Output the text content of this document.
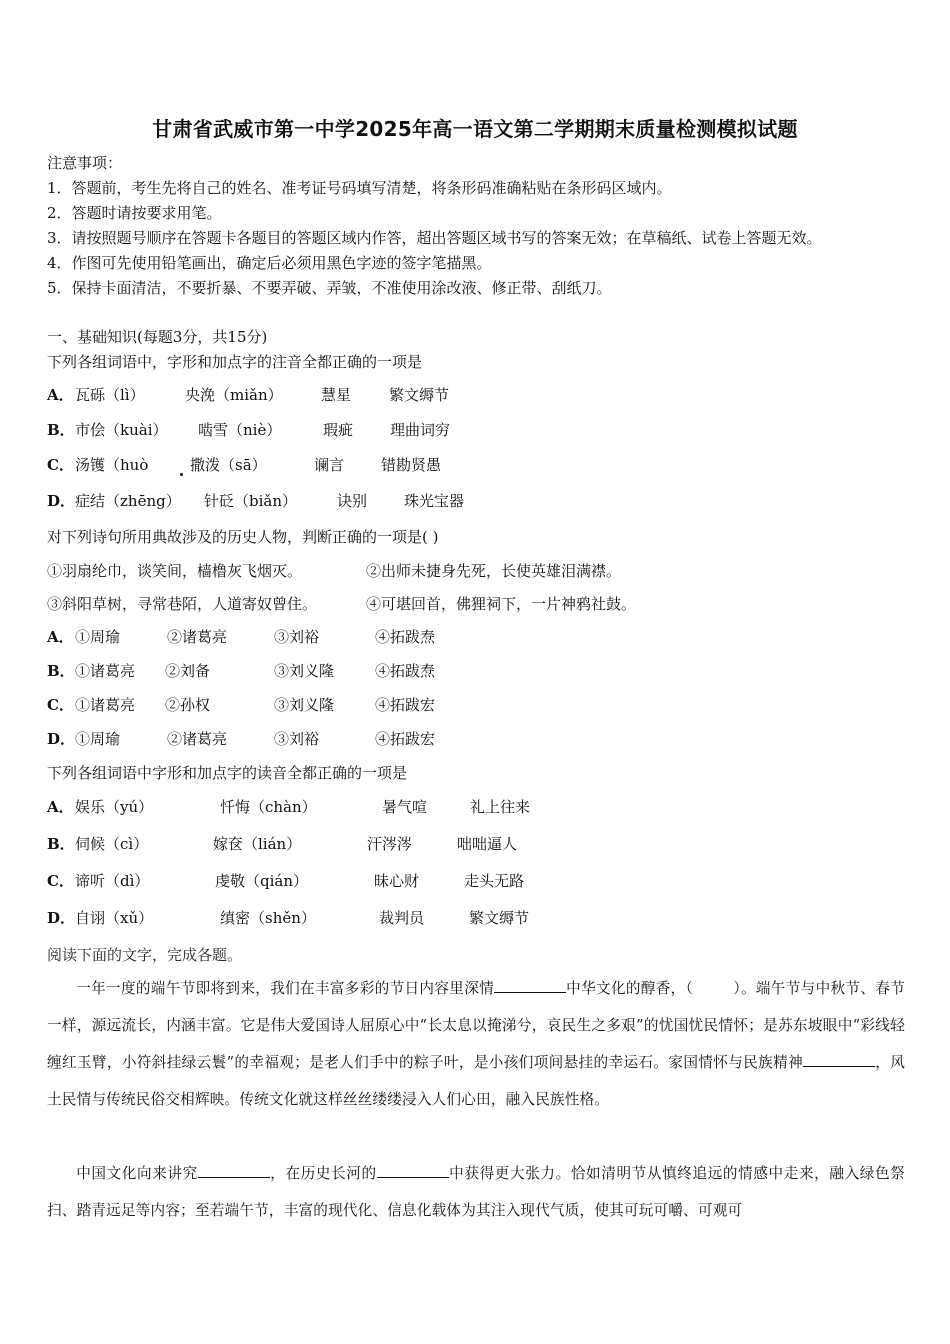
甘肃省武威市第一中学2025年高一语文第二学期期末质量检测模拟试题
注意事项：
1．答题前，考生先将自己的姓名、准考证号码填写清楚，将条形码准确粘贴在条形码区域内。
2．答题时请按要求用笔。
3．请按照题号顺序在答题卡各题目的答题区域内作答，超出答题区域书写的答案无效；在草稿纸、试卷上答题无效。
4．作图可先使用铅笔画出，确定后必须用黑色字迹的签字笔描黑。
5．保持卡面清洁，不要折暴、不要弄破、弄皱，不准使用涂改液、修正带、刮纸刀。
一、基础知识(每题3分，共15分)
下列各组词语中，字形和加点字的注音全都正确的一项是
A． 瓦砾（lì）	央浼（miǎn）	慧星	繁文缛节
B． 市侩（kuài） 啮雪（niè）	瑕疵 理曲词穷
C． 汤镬（huò	撒泼（sā）	谰言 错勘贤愚
D． 症结（zhēng） 针砭（biǎn）	诀别 珠光宝器
对下列诗句所用典故涉及的历史人物，判断正确的一项是( )
①羽扇纶巾，谈笑间，樯橹灰飞烟灭。	②出师未捷身先死，长使英雄泪满襟。
③斜阳草树，寻常巷陌，人道寄奴曾住。	④可堪回首，佛狸祠下，一片神鸦社鼓。
A． ①周瑜	②诸葛亮	③刘裕	④拓跋焘
B． ①诸葛亮 ②刘备	③刘义隆	④拓跋焘
C． ①诸葛亮 ②孙权	③刘义隆	④拓跋宏
D． ①周瑜	②诸葛亮	③刘裕	④拓跋宏
下列各组词语中字形和加点字的读音全都正确的一项是
A． 娱乐（yú）	忏悔（chàn）	暑气喧	礼上往来
B． 伺候（cì）	嫁奁（lián）	汗涔涔	咄咄逼人
C． 谛听（dì）	虔敬（qián）	昧心财	走头无路
D． 自诩（xǔ）	缜密（shěn）	裁判员	繁文缛节
阅读下面的文字，完成各题。
一年一度的端午节即将到来，我们在丰富多彩的节日内容里深情	中华文化的醇香，（	）。端午节与中秋节、春节一样，源远流长，内涵丰富。它是伟大爱国诗人屈原心中“长太息以掩涕兮，哀民生之多艰”的忧国忧民情怀；是苏东坡眼中“彩线轻缠红玉臂，小符斜挂绿云鬟”的幸福观；是老人们手中的粽子叶，是小孩们项间悬挂的幸运石。家国情怀与民族精神	，风土民情与传统民俗交相辉映。传统文化就这样丝丝缕缕浸入人们心田，融入民族性格。
中国文化向来讲究	，在历史长河的	中获得更大张力。恰如清明节从慎终追远的情感中走来，融入绿色祭扫、踏青远足等内容；至若端午节，丰富的现代化、信息化载体为其注入现代气质，使其可玩可嚼、可观可
